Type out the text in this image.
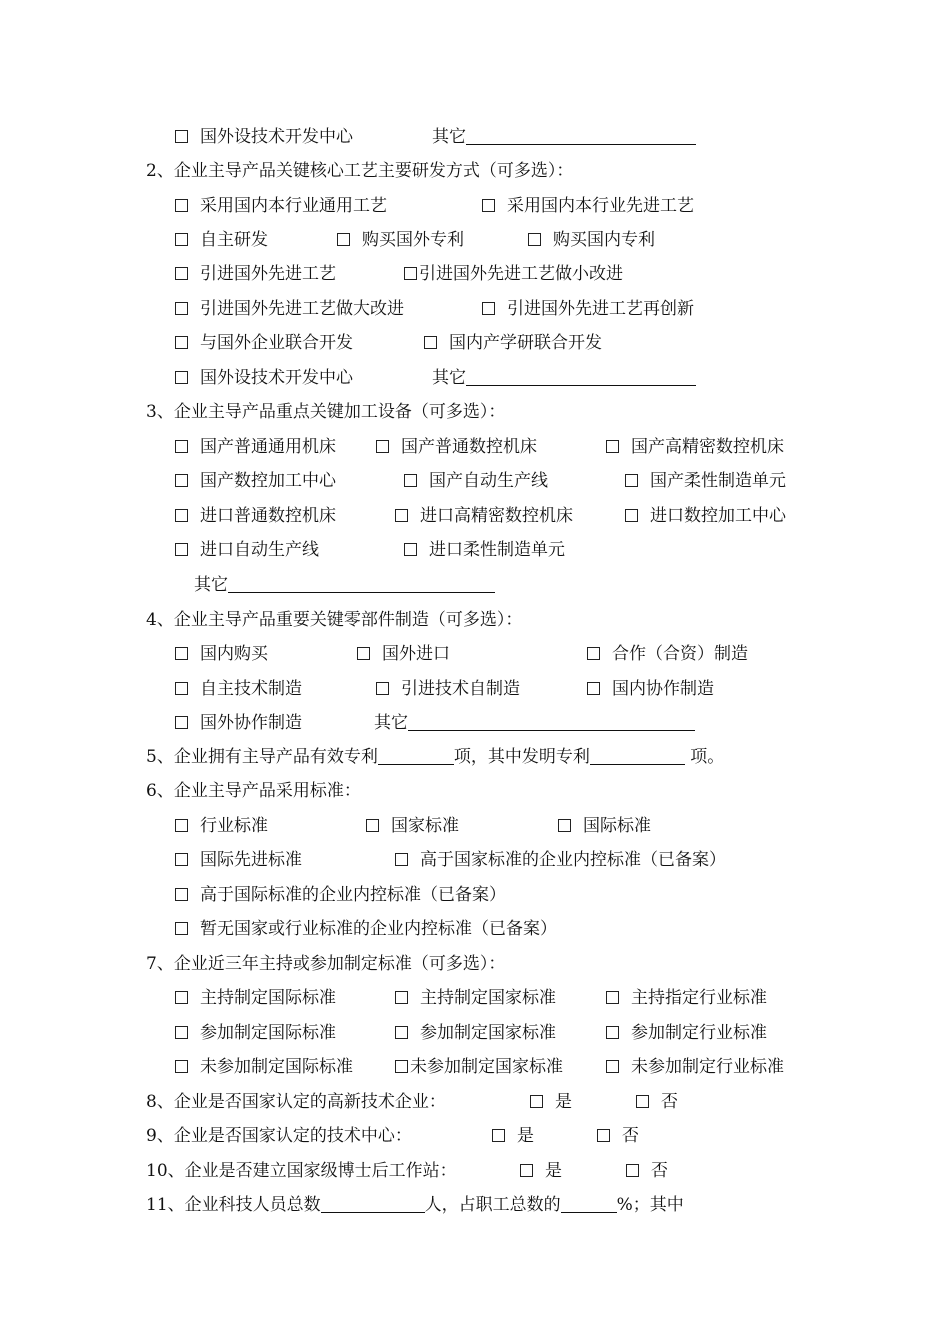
国外设技术开发中心	其它
2、企业主导产品关键核心工艺主要研发方式（可多选）：
采用国内本行业通用工艺	采用国内本行业先进工艺
自主研发	购买国外专利	购买国内专利
引进国外先进工艺	引进国外先进工艺做小改进
引进国外先进工艺做大改进	引进国外先进工艺再创新
与国外企业联合开发	国内产学研联合开发
国外设技术开发中心	其它
3、企业主导产品重点关键加工设备（可多选）：
国产普通通用机床	国产普通数控机床	国产高精密数控机床
国产数控加工中心	国产自动生产线	国产柔性制造单元
进口普通数控机床	进口高精密数控机床	进口数控加工中心
进口自动生产线	进口柔性制造单元
其它
4、企业主导产品重要关键零部件制造（可多选）：
国内购买	国外进口	合作（合资）制造
自主技术制造	引进技术自制造	国内协作制造
国外协作制造	其它
5、企业拥有主导产品有效专利	项，其中发明专利	项。
6、企业主导产品采用标准：
行业标准	国家标准	国际标准
国际先进标准	高于国家标准的企业内控标准（已备案）
高于国际标准的企业内控标准（已备案）
暂无国家或行业标准的企业内控标准（已备案）
7、企业近三年主持或参加制定标准（可多选）：
主持制定国际标准	主持制定国家标准	主持指定行业标准
参加制定国际标准	参加制定国家标准	参加制定行业标准
未参加制定国际标准	未参加制定国家标准	未参加制定行业标准
8、企业是否国家认定的高新技术企业：	是	否
9、企业是否国家认定的技术中心：	是	否
10、企业是否建立国家级博士后工作站：	是	否
11、企业科技人员总数	人，占职工总数的	%；其中
